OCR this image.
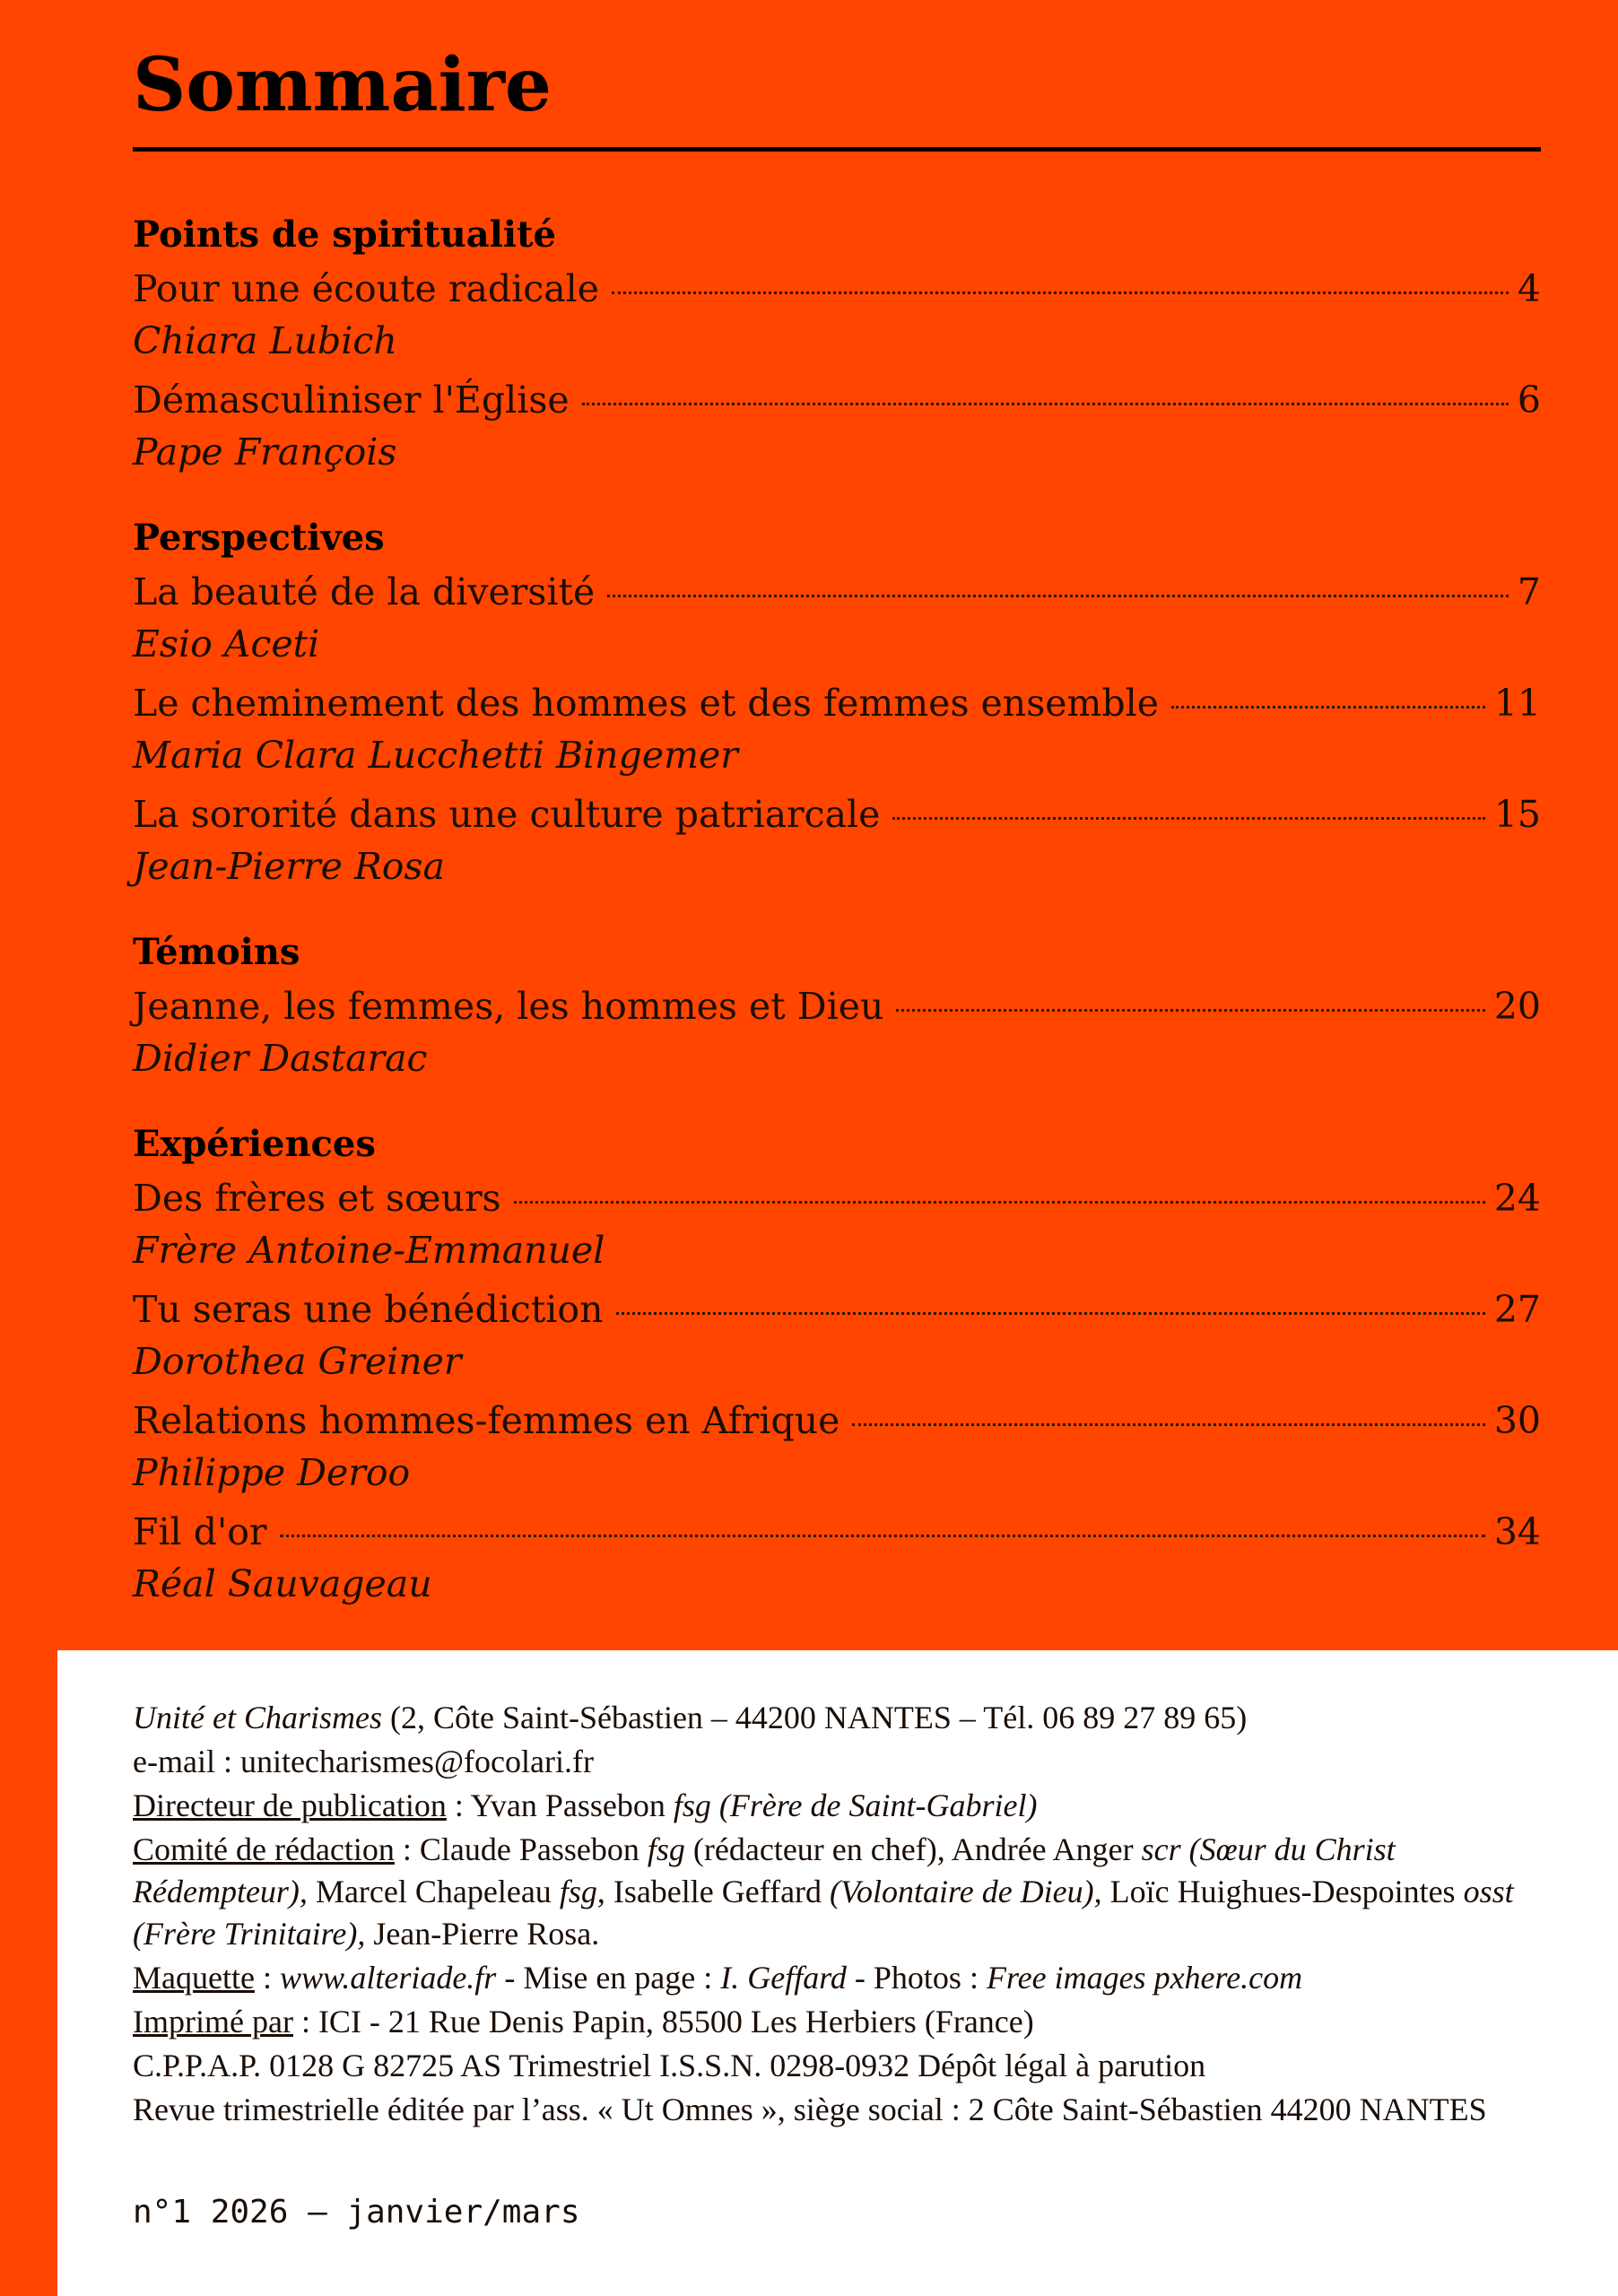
Sommaire
Points de spiritualité
Pour une écoute radicale	4
Chiara Lubich
Démasculiniser l'Église	6
Pape François
Perspectives
La beauté de la diversité	7
Esio Aceti
Le cheminement des hommes et des femmes ensemble	11
Maria Clara Lucchetti Bingemer
La sororité dans une culture patriarcale	15
Jean-Pierre Rosa
Témoins
Jeanne, les femmes, les hommes et Dieu	20
Didier Dastarac
Expériences
Des frères et sœurs	24
Frère Antoine-Emmanuel
Tu seras une bénédiction	27
Dorothea Greiner
Relations hommes-femmes en Afrique	30
Philippe Deroo
Fil d'or	34
Réal Sauvageau

Unité et Charismes (2, Côte Saint-Sébastien – 44200 NANTES – Tél. 06 89 27 89 65)

e-mail : unitecharismes@focolari.fr

Directeur de publication : Yvan Passebon fsg (Frère de Saint-Gabriel)

Comité de rédaction : Claude Passebon fsg (rédacteur en chef), Andrée Anger scr (Sœur du Christ Rédempteur), Marcel Chapeleau fsg, Isabelle Geffard (Volontaire de Dieu), Loïc Huighues-Despointes osst (Frère Trinitaire), Jean-Pierre Rosa.

Maquette : www.alteriade.fr - Mise en page : I. Geffard - Photos : Free images pxhere.com

Imprimé par : ICI - 21 Rue Denis Papin, 85500 Les Herbiers (France)

C.P.P.A.P. 0128 G 82725 AS Trimestriel I.S.S.N. 0298-0932 Dépôt légal à parution

Revue trimestrielle éditée par l’ass. « Ut Omnes », siège social : 2 Côte Saint-Sébastien 44200 NANTES

n°1 2026 – janvier/mars
